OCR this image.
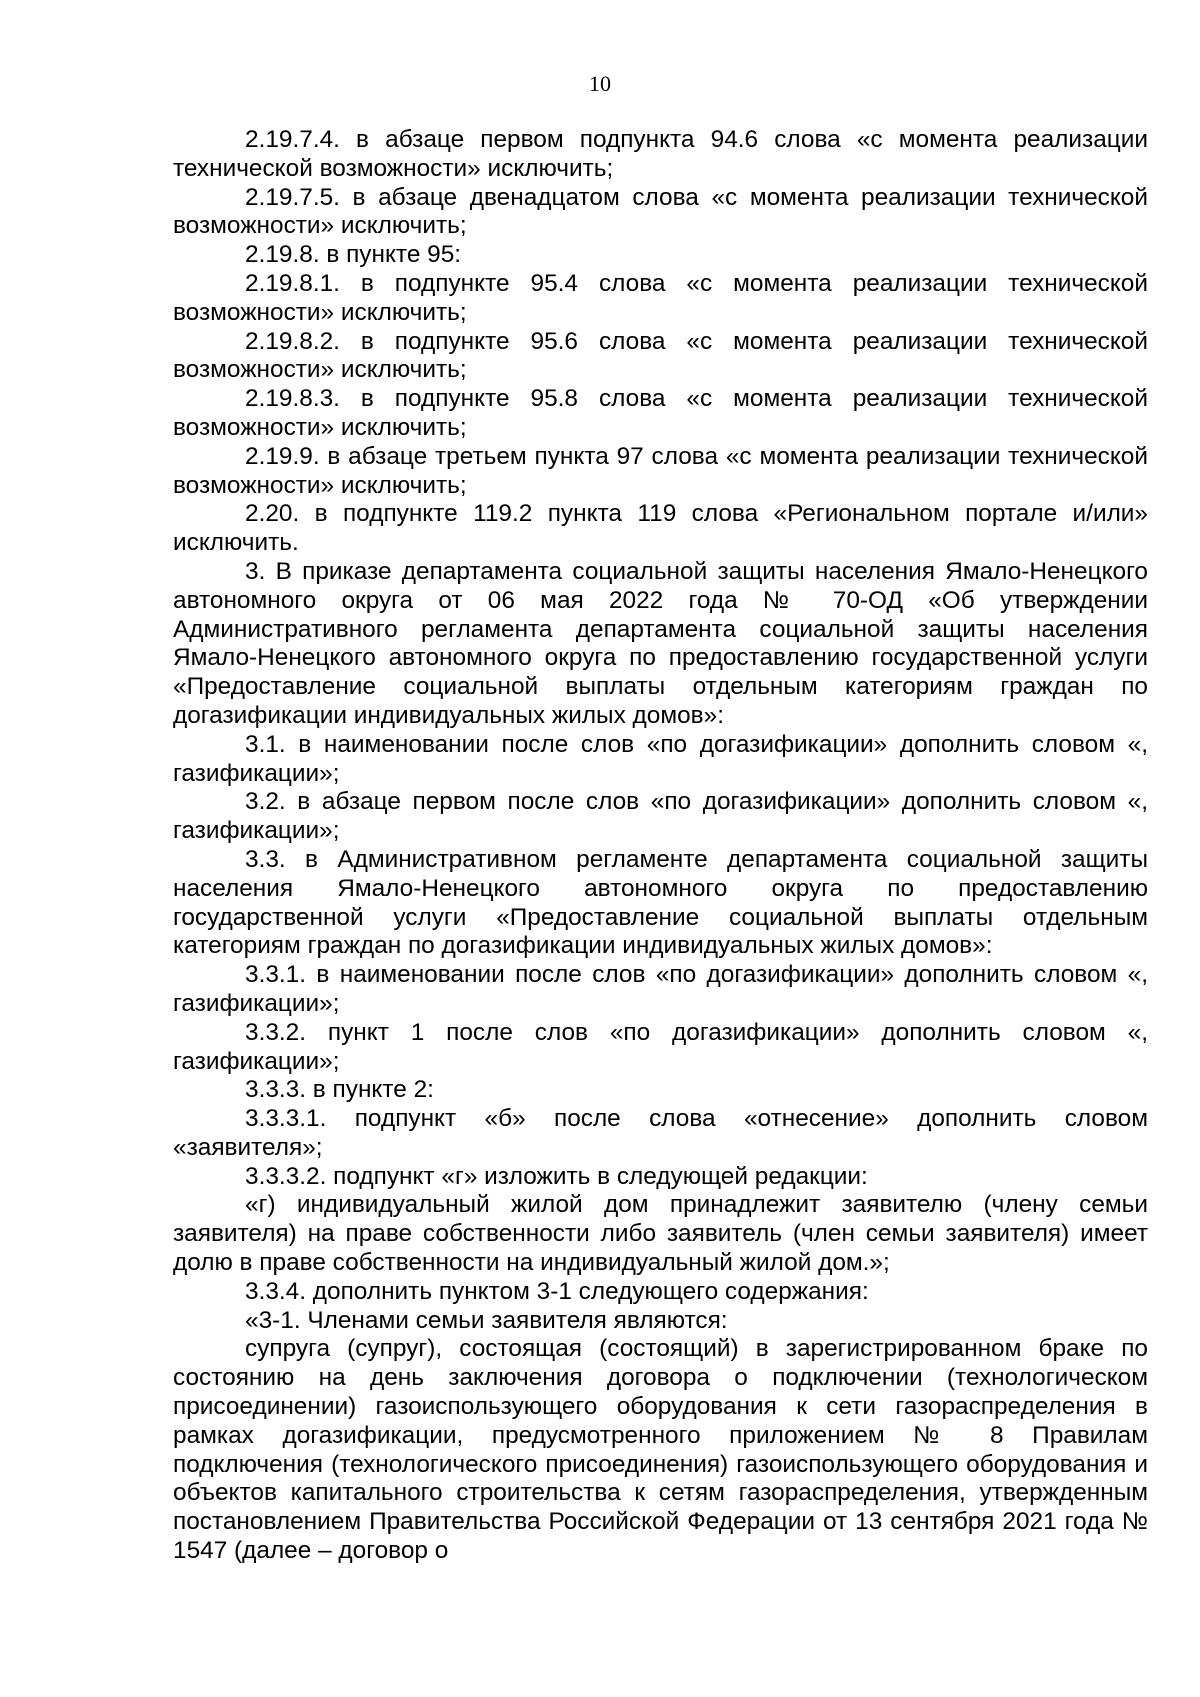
10

2.19.7.4. в абзаце первом подпункта 94.6 слова «с момента реализации технической возможности» исключить;

2.19.7.5. в абзаце двенадцатом слова «с момента реализации технической возможности» исключить;

2.19.8. в пункте 95:

2.19.8.1. в подпункте 95.4 слова «с момента реализации технической возможности» исключить;

2.19.8.2. в подпункте 95.6 слова «с момента реализации технической возможности» исключить;

2.19.8.3. в подпункте 95.8 слова «с момента реализации технической возможности» исключить;

2.19.9. в абзаце третьем пункта 97 слова «с момента реализации технической возможности» исключить;

2.20. в подпункте 119.2 пункта 119 слова «Региональном портале и/или» исключить.

3. В приказе департамента социальной защиты населения Ямало-Ненецкого автономного округа от 06 мая 2022 года № 70-ОД «Об утверждении Административного регламента департамента социальной защиты населения Ямало-Ненецкого автономного округа по предоставлению государственной услуги «Предоставление социальной выплаты отдельным категориям граждан по догазификации индивидуальных жилых домов»:

3.1. в наименовании после слов «по догазификации» дополнить словом «, газификации»;

3.2. в абзаце первом после слов «по догазификации» дополнить словом «, газификации»;

3.3. в Административном регламенте департамента социальной защиты населения Ямало-Ненецкого автономного округа по предоставлению государственной услуги «Предоставление социальной выплаты отдельным категориям граждан по догазификации индивидуальных жилых домов»:

3.3.1. в наименовании после слов «по догазификации» дополнить словом «, газификации»;

3.3.2. пункт 1 после слов «по догазификации» дополнить словом «, газификации»;

3.3.3. в пункте 2:

3.3.3.1. подпункт «б» после слова «отнесение» дополнить словом «заявителя»;

3.3.3.2. подпункт «г» изложить в следующей редакции:

«г) индивидуальный жилой дом принадлежит заявителю (члену семьи заявителя) на праве собственности либо заявитель (член семьи заявителя) имеет долю в праве собственности на индивидуальный жилой дом.»;

3.3.4. дополнить пунктом 3-1 следующего содержания:

«3-1. Членами семьи заявителя являются:

супруга (супруг), состоящая (состоящий) в зарегистрированном браке по состоянию на день заключения договора о подключении (технологическом присоединении) газоиспользующего оборудования к сети газораспределения в рамках догазификации, предусмотренного приложением № 8 Правилам подключения (технологического присоединения) газоиспользующего оборудования и объектов капитального строительства к сетям газораспределения, утвержденным постановлением Правительства Российской Федерации от 13 сентября 2021 года № 1547 (далее – договор о
